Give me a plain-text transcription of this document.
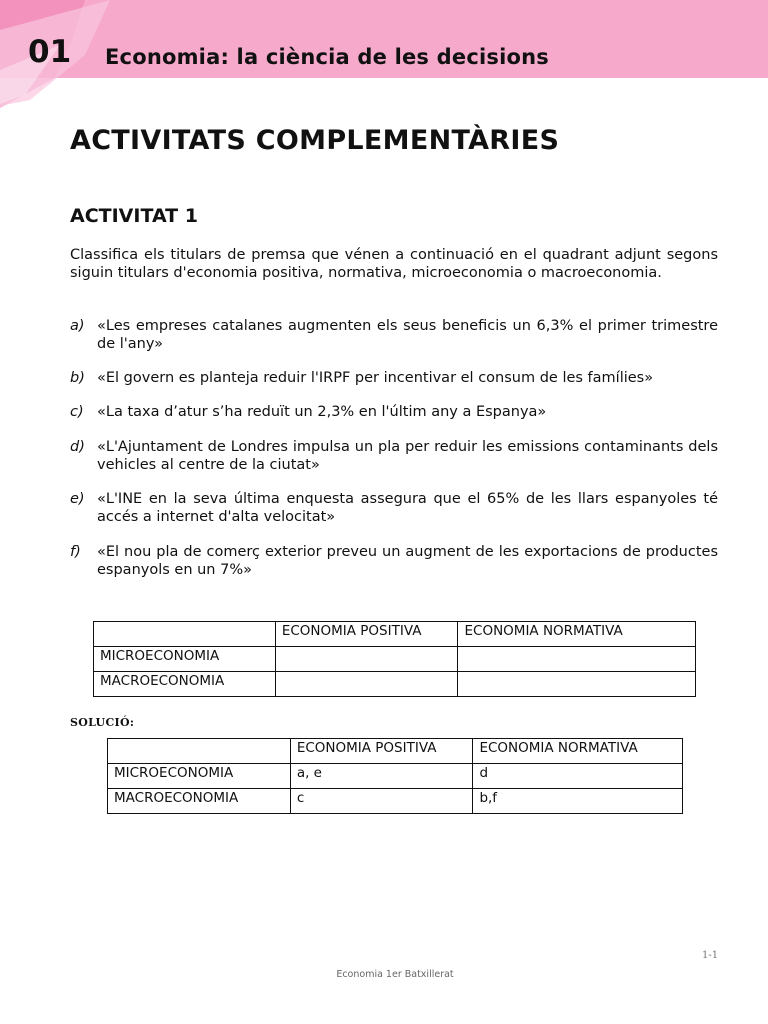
01 Economia: la ciència de les decisions
ACTIVITATS COMPLEMENTÀRIES
ACTIVITAT 1
Classifica els titulars de premsa que vénen a continuació en el quadrant adjunt segons siguin titulars d'economia positiva, normativa, microeconomia o macroeconomia.
a) «Les empreses catalanes augmenten els seus beneficis un 6,3% el primer trimestre de l'any»
b) «El govern es planteja reduir l'IRPF per incentivar el consum de les famílies»
c) «La taxa d’atur s’ha reduït un 2,3% en l'últim any a Espanya»
d) «L'Ajuntament de Londres impulsa un pla per reduir les emissions contaminants dels vehicles al centre de la ciutat»
e) «L'INE en la seva última enquesta assegura que el 65% de les llars espanyoles té accés a internet d'alta velocitat»
f)	«El nou pla de comerç exterior preveu un augment de les exportacions de productes espanyols en un 7%»
	ECONOMIA POSITIVA	ECONOMIA NORMATIVA
MICROECONOMIA		
MACROECONOMIA		
SOLUCIÓ:
	ECONOMIA POSITIVA	ECONOMIA NORMATIVA
MICROECONOMIA	a, e	d
MACROECONOMIA	c	b,f
1-1
Economia 1er Batxillerat
